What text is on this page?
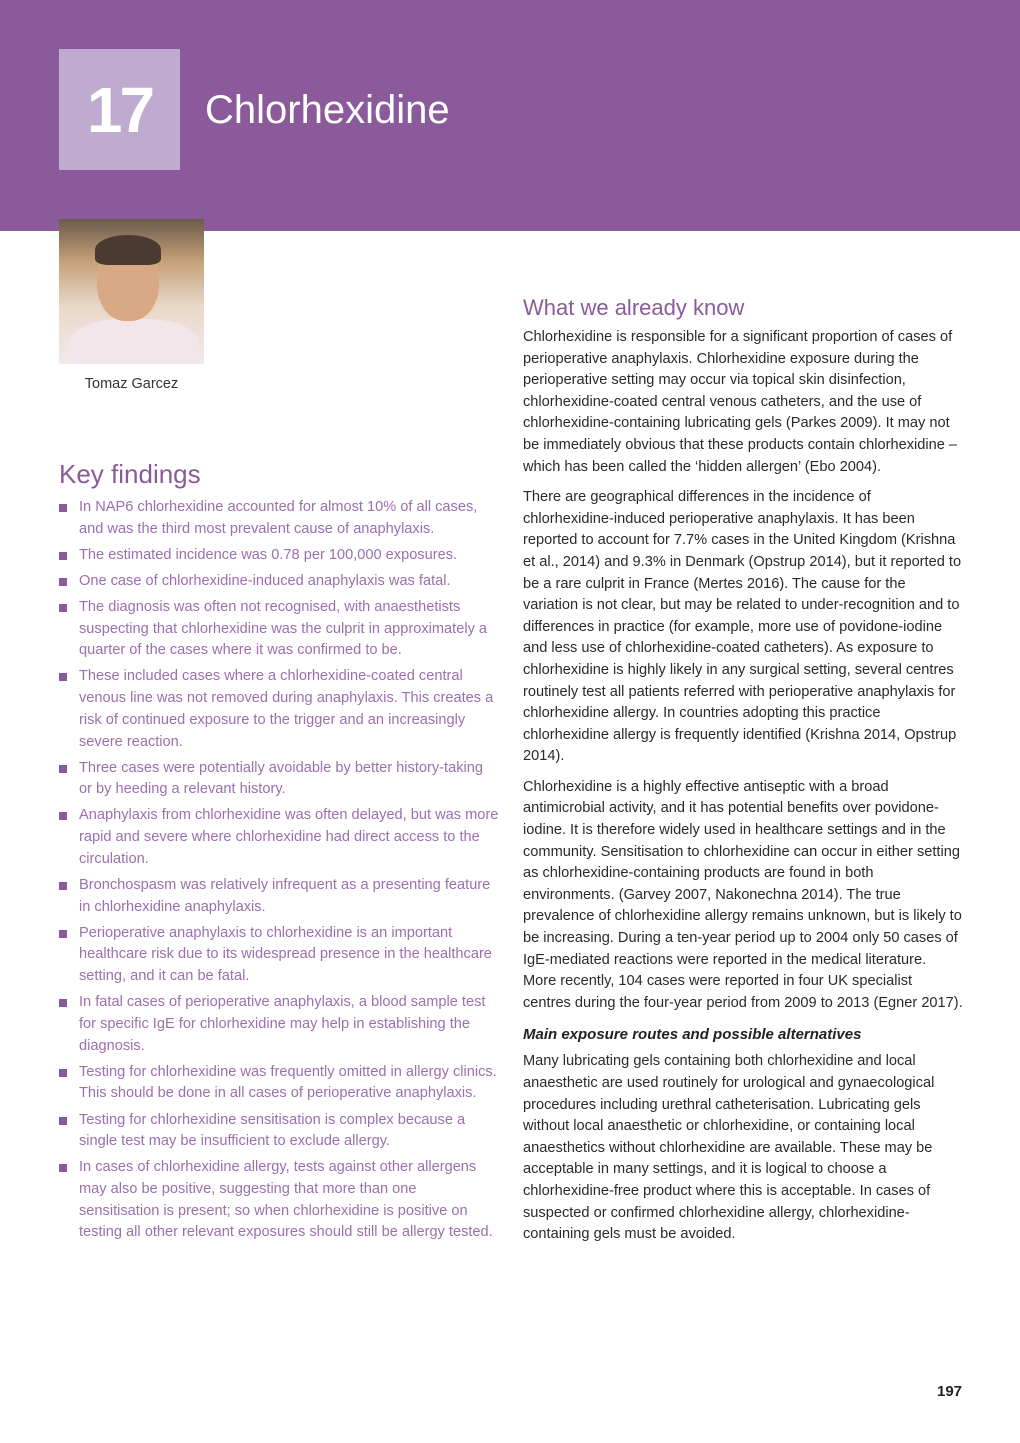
17	Chlorhexidine
Tomaz Garcez
Key findings
In NAP6 chlorhexidine accounted for almost 10% of all cases, and was the third most prevalent cause of anaphylaxis.
The estimated incidence was 0.78 per 100,000 exposures.
One case of chlorhexidine-induced anaphylaxis was fatal.
The diagnosis was often not recognised, with anaesthetists suspecting that chlorhexidine was the culprit in approximately a quarter of the cases where it was confirmed to be.
These included cases where a chlorhexidine-coated central venous line was not removed during anaphylaxis. This creates a risk of continued exposure to the trigger and an increasingly severe reaction.
Three cases were potentially avoidable by better history-taking or by heeding a relevant history.
Anaphylaxis from chlorhexidine was often delayed, but was more rapid and severe where chlorhexidine had direct access to the circulation.
Bronchospasm was relatively infrequent as a presenting feature in chlorhexidine anaphylaxis.
Perioperative anaphylaxis to chlorhexidine is an important healthcare risk due to its widespread presence in the healthcare setting, and it can be fatal.
In fatal cases of perioperative anaphylaxis, a blood sample test for specific IgE for chlorhexidine may help in establishing the diagnosis.
Testing for chlorhexidine was frequently omitted in allergy clinics. This should be done in all cases of perioperative anaphylaxis.
Testing for chlorhexidine sensitisation is complex because a single test may be insufficient to exclude allergy.
In cases of chlorhexidine allergy, tests against other allergens may also be positive, suggesting that more than one sensitisation is present; so when chlorhexidine is positive on testing all other relevant exposures should still be allergy tested.
What we already know

Chlorhexidine is responsible for a significant proportion of cases of perioperative anaphylaxis. Chlorhexidine exposure during the perioperative setting may occur via topical skin disinfection, chlorhexidine-coated central venous catheters, and the use of chlorhexidine-containing lubricating gels (Parkes 2009). It may not be immediately obvious that these products contain chlorhexidine – which has been called the ‘hidden allergen’ (Ebo 2004).

There are geographical differences in the incidence of chlorhexidine-induced perioperative anaphylaxis. It has been reported to account for 7.7% cases in the United Kingdom (Krishna et al., 2014) and 9.3% in Denmark (Opstrup 2014), but it reported to be a rare culprit in France (Mertes 2016). The cause for the variation is not clear, but may be related to under-recognition and to differences in practice (for example, more use of povidone-iodine and less use of chlorhexidine-coated catheters). As exposure to chlorhexidine is highly likely in any surgical setting, several centres routinely test all patients referred with perioperative anaphylaxis for chlorhexidine allergy. In countries adopting this practice chlorhexidine allergy is frequently identified (Krishna 2014, Opstrup 2014).

Chlorhexidine is a highly effective antiseptic with a broad antimicrobial activity, and it has potential benefits over povidone-iodine. It is therefore widely used in healthcare settings and in the community. Sensitisation to chlorhexidine can occur in either setting as chlorhexidine-containing products are found in both environments. (Garvey 2007, Nakonechna 2014). The true prevalence of chlorhexidine allergy remains unknown, but is likely to be increasing. During a ten-year period up to 2004 only 50 cases of IgE-mediated reactions were reported in the medical literature. More recently, 104 cases were reported in four UK specialist centres during the four-year period from 2009 to 2013 (Egner 2017).

Main exposure routes and possible alternatives

Many lubricating gels containing both chlorhexidine and local anaesthetic are used routinely for urological and gynaecological procedures including urethral catheterisation. Lubricating gels without local anaesthetic or chlorhexidine, or containing local anaesthetics without chlorhexidine are available. These may be acceptable in many settings, and it is logical to choose a chlorhexidine-free product where this is acceptable. In cases of suspected or confirmed chlorhexidine allergy, chlorhexidine-containing gels must be avoided.

197
